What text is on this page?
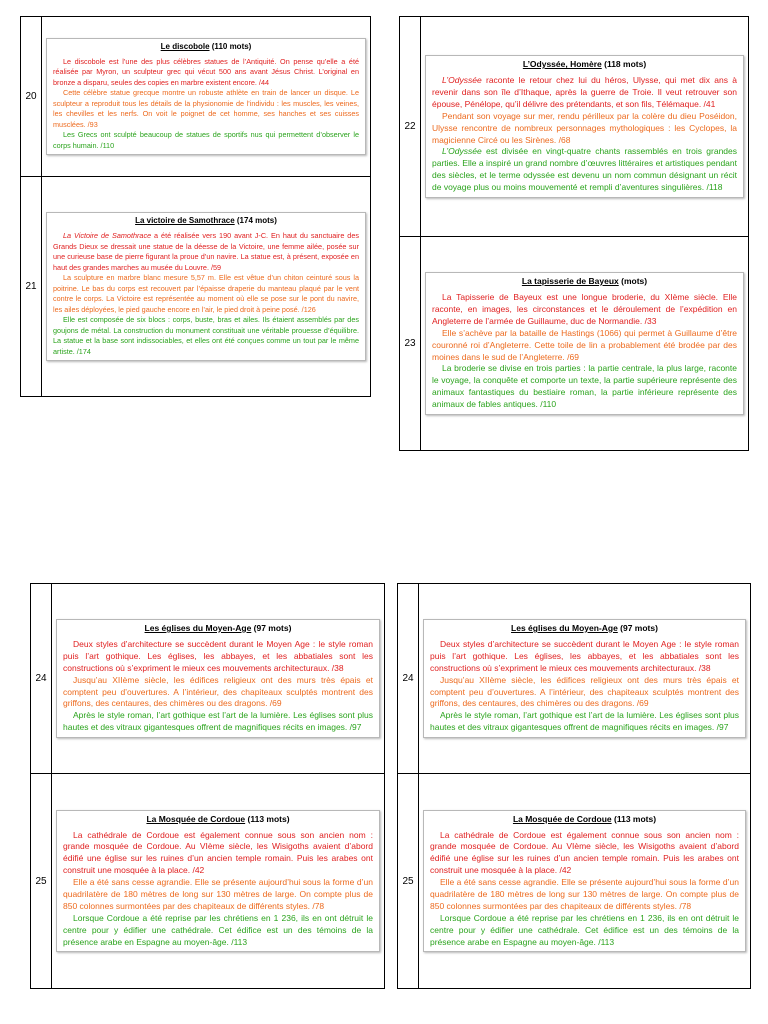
20	Le discobole (110 mots)

Le discobole est l’une des plus célèbres statues de l’Antiquité. On pense qu’elle a été réalisée par Myron, un sculpteur grec qui vécut 500 ans avant Jésus Christ. L’original en bronze a disparu, seules des copies en marbre existent encore. /44

Cette célèbre statue grecque montre un robuste athlète en train de lancer un disque. Le sculpteur a reproduit tous les détails de la physionomie de l’individu : les muscles, les veines, les chevilles et les nerfs. On voit le poignet de cet homme, ses hanches et ses cuisses musclées. /93

Les Grecs ont sculpté beaucoup de statues de sportifs nus qui permettent d’observer le corps humain. /110

21	La victoire de Samothrace (174 mots)

La Victoire de Samothrace a été réalisée vers 190 avant J-C. En haut du sanctuaire des Grands Dieux se dressait une statue de la déesse de la Victoire, une femme ailée, posée sur une curieuse base de pierre figurant la proue d’un navire. La statue est, à présent, exposée en haut des grandes marches au musée du Louvre. /59

La sculpture en marbre blanc mesure 5,57 m. Elle est vêtue d’un chiton ceinturé sous la poitrine. Le bas du corps est recouvert par l’épaisse draperie du manteau plaqué par le vent contre le corps. La Victoire est représentée au moment où elle se pose sur le pont du navire, les ailes déployées, le pied gauche encore en l’air, le pied droit à peine posé. /126

Elle est composée de six blocs : corps, buste, bras et ailes. Ils étaient assemblés par des goujons de métal. La construction du monument constituait une véritable prouesse d’équilibre. La statue et la base sont indissociables, et elles ont été conçues comme un tout par le même artiste. /174

22	L’Odyssée, Homère (118 mots)

L’Odyssée raconte le retour chez lui du héros, Ulysse, qui met dix ans à revenir dans son île d’Ithaque, après la guerre de Troie. Il veut retrouver son épouse, Pénélope, qu’il délivre des prétendants, et son fils, Télémaque. /41

Pendant son voyage sur mer, rendu périlleux par la colère du dieu Poséidon, Ulysse rencontre de nombreux personnages mythologiques : les Cyclopes, la magicienne Circé ou les Sirènes. /68

L’Odyssée est divisée en vingt-quatre chants rassemblés en trois grandes parties. Elle a inspiré un grand nombre d’œuvres littéraires et artistiques pendant des siècles, et le terme odyssée est devenu un nom commun désignant un récit de voyage plus ou moins mouvementé et rempli d’aventures singulières. /118

23	La tapisserie de Bayeux (mots)

La Tapisserie de Bayeux est une longue broderie, du XIème siècle. Elle raconte, en images, les circonstances et le déroulement de l’expédition en Angleterre de l’armée de Guillaume, duc de Normandie. /33

Elle s’achève par la bataille de Hastings (1066) qui permet à Guillaume d’être couronné roi d’Angleterre. Cette toile de lin a probablement été brodée par des moines dans le sud de l’Angleterre. /69

La broderie se divise en trois parties : la partie centrale, la plus large, raconte le voyage, la conquête et comporte un texte, la partie supérieure représente des animaux fantastiques du bestiaire roman, la partie inférieure représente des animaux de fables antiques. /110

24	Les églises du Moyen-Age (97 mots)

Deux styles d’architecture se succèdent durant le Moyen Age : le style roman puis l’art gothique. Les églises, les abbayes, et les abbatiales sont les constructions où s’expriment le mieux ces mouvements architecturaux. /38

Jusqu’au XIIème siècle, les édifices religieux ont des murs très épais et comptent peu d’ouvertures. A l’intérieur, des chapiteaux sculptés montrent des griffons, des centaures, des chimères ou des dragons. /69

Après le style roman, l’art gothique est l’art de la lumière. Les églises sont plus hautes et des vitraux gigantesques offrent de magnifiques récits en images. /97

25	La Mosquée de Cordoue (113 mots)

La cathédrale de Cordoue est également connue sous son ancien nom : grande mosquée de Cordoue. Au VIème siècle, les Wisigoths avaient d’abord édifié une église sur les ruines d’un ancien temple romain. Puis les arabes ont construit une mosquée à la place. /42

Elle a été sans cesse agrandie. Elle se présente aujourd’hui sous la forme d’un quadrilatère de 180 mètres de long sur 130 mètres de large. On compte plus de 850 colonnes surmontées par des chapiteaux de différents styles. /78

Lorsque Cordoue a été reprise par les chrétiens en 1 236, ils en ont détruit le centre pour y édifier une cathédrale. Cet édifice est un des témoins de la présence arabe en Espagne au moyen-âge. /113

24	Les églises du Moyen-Age (97 mots)

Deux styles d’architecture se succèdent durant le Moyen Age : le style roman puis l’art gothique. Les églises, les abbayes, et les abbatiales sont les constructions où s’expriment le mieux ces mouvements architecturaux. /38

Jusqu’au XIIème siècle, les édifices religieux ont des murs très épais et comptent peu d’ouvertures. A l’intérieur, des chapiteaux sculptés montrent des griffons, des centaures, des chimères ou des dragons. /69

Après le style roman, l’art gothique est l’art de la lumière. Les églises sont plus hautes et des vitraux gigantesques offrent de magnifiques récits en images. /97

25	La Mosquée de Cordoue (113 mots)

La cathédrale de Cordoue est également connue sous son ancien nom : grande mosquée de Cordoue. Au VIème siècle, les Wisigoths avaient d’abord édifié une église sur les ruines d’un ancien temple romain. Puis les arabes ont construit une mosquée à la place. /42

Elle a été sans cesse agrandie. Elle se présente aujourd’hui sous la forme d’un quadrilatère de 180 mètres de long sur 130 mètres de large. On compte plus de 850 colonnes surmontées par des chapiteaux de différents styles. /78

Lorsque Cordoue a été reprise par les chrétiens en 1 236, ils en ont détruit le centre pour y édifier une cathédrale. Cet édifice est un des témoins de la présence arabe en Espagne au moyen-âge. /113
